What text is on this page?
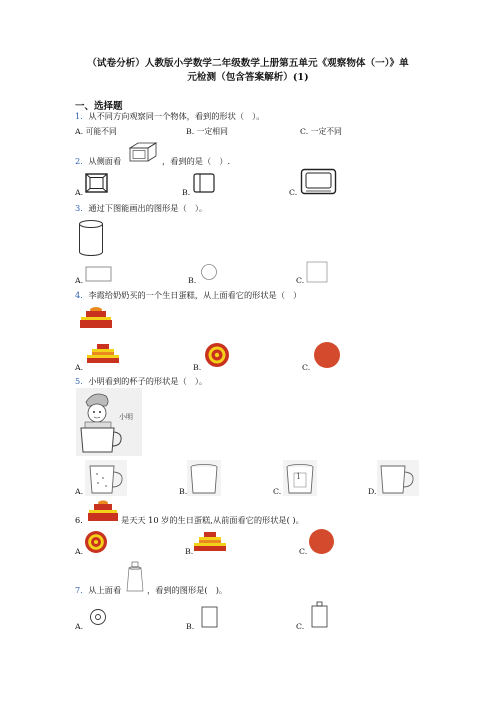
（试卷分析）人教版小学数学二年级数学上册第五单元《观察物体（一）》单
元检测（包含答案解析）(1)
一、选择题
1．从不同方向观察同一个物体，看到的形状（　）。
A. 可能不同	B. 一定相同	C. 一定不同
2．从侧面看	，看到的是（　）.
A.	B.	C.
3．通过下图能画出的图形是（　）。
A.	B.	C.
4．李霞给奶奶买的一个生日蛋糕，从上面看它的形状是（　）
A.	B.	C.
5．小明看到的杯子的形状是（　）。
小明
A.	B.	C.
1
D.
6．	是天天 10 岁的生日蛋糕,从前面看它的形状是( )。
A.	B.	C.
7．从上面看	，看到的图形是(　)。
A.	B.	C.
